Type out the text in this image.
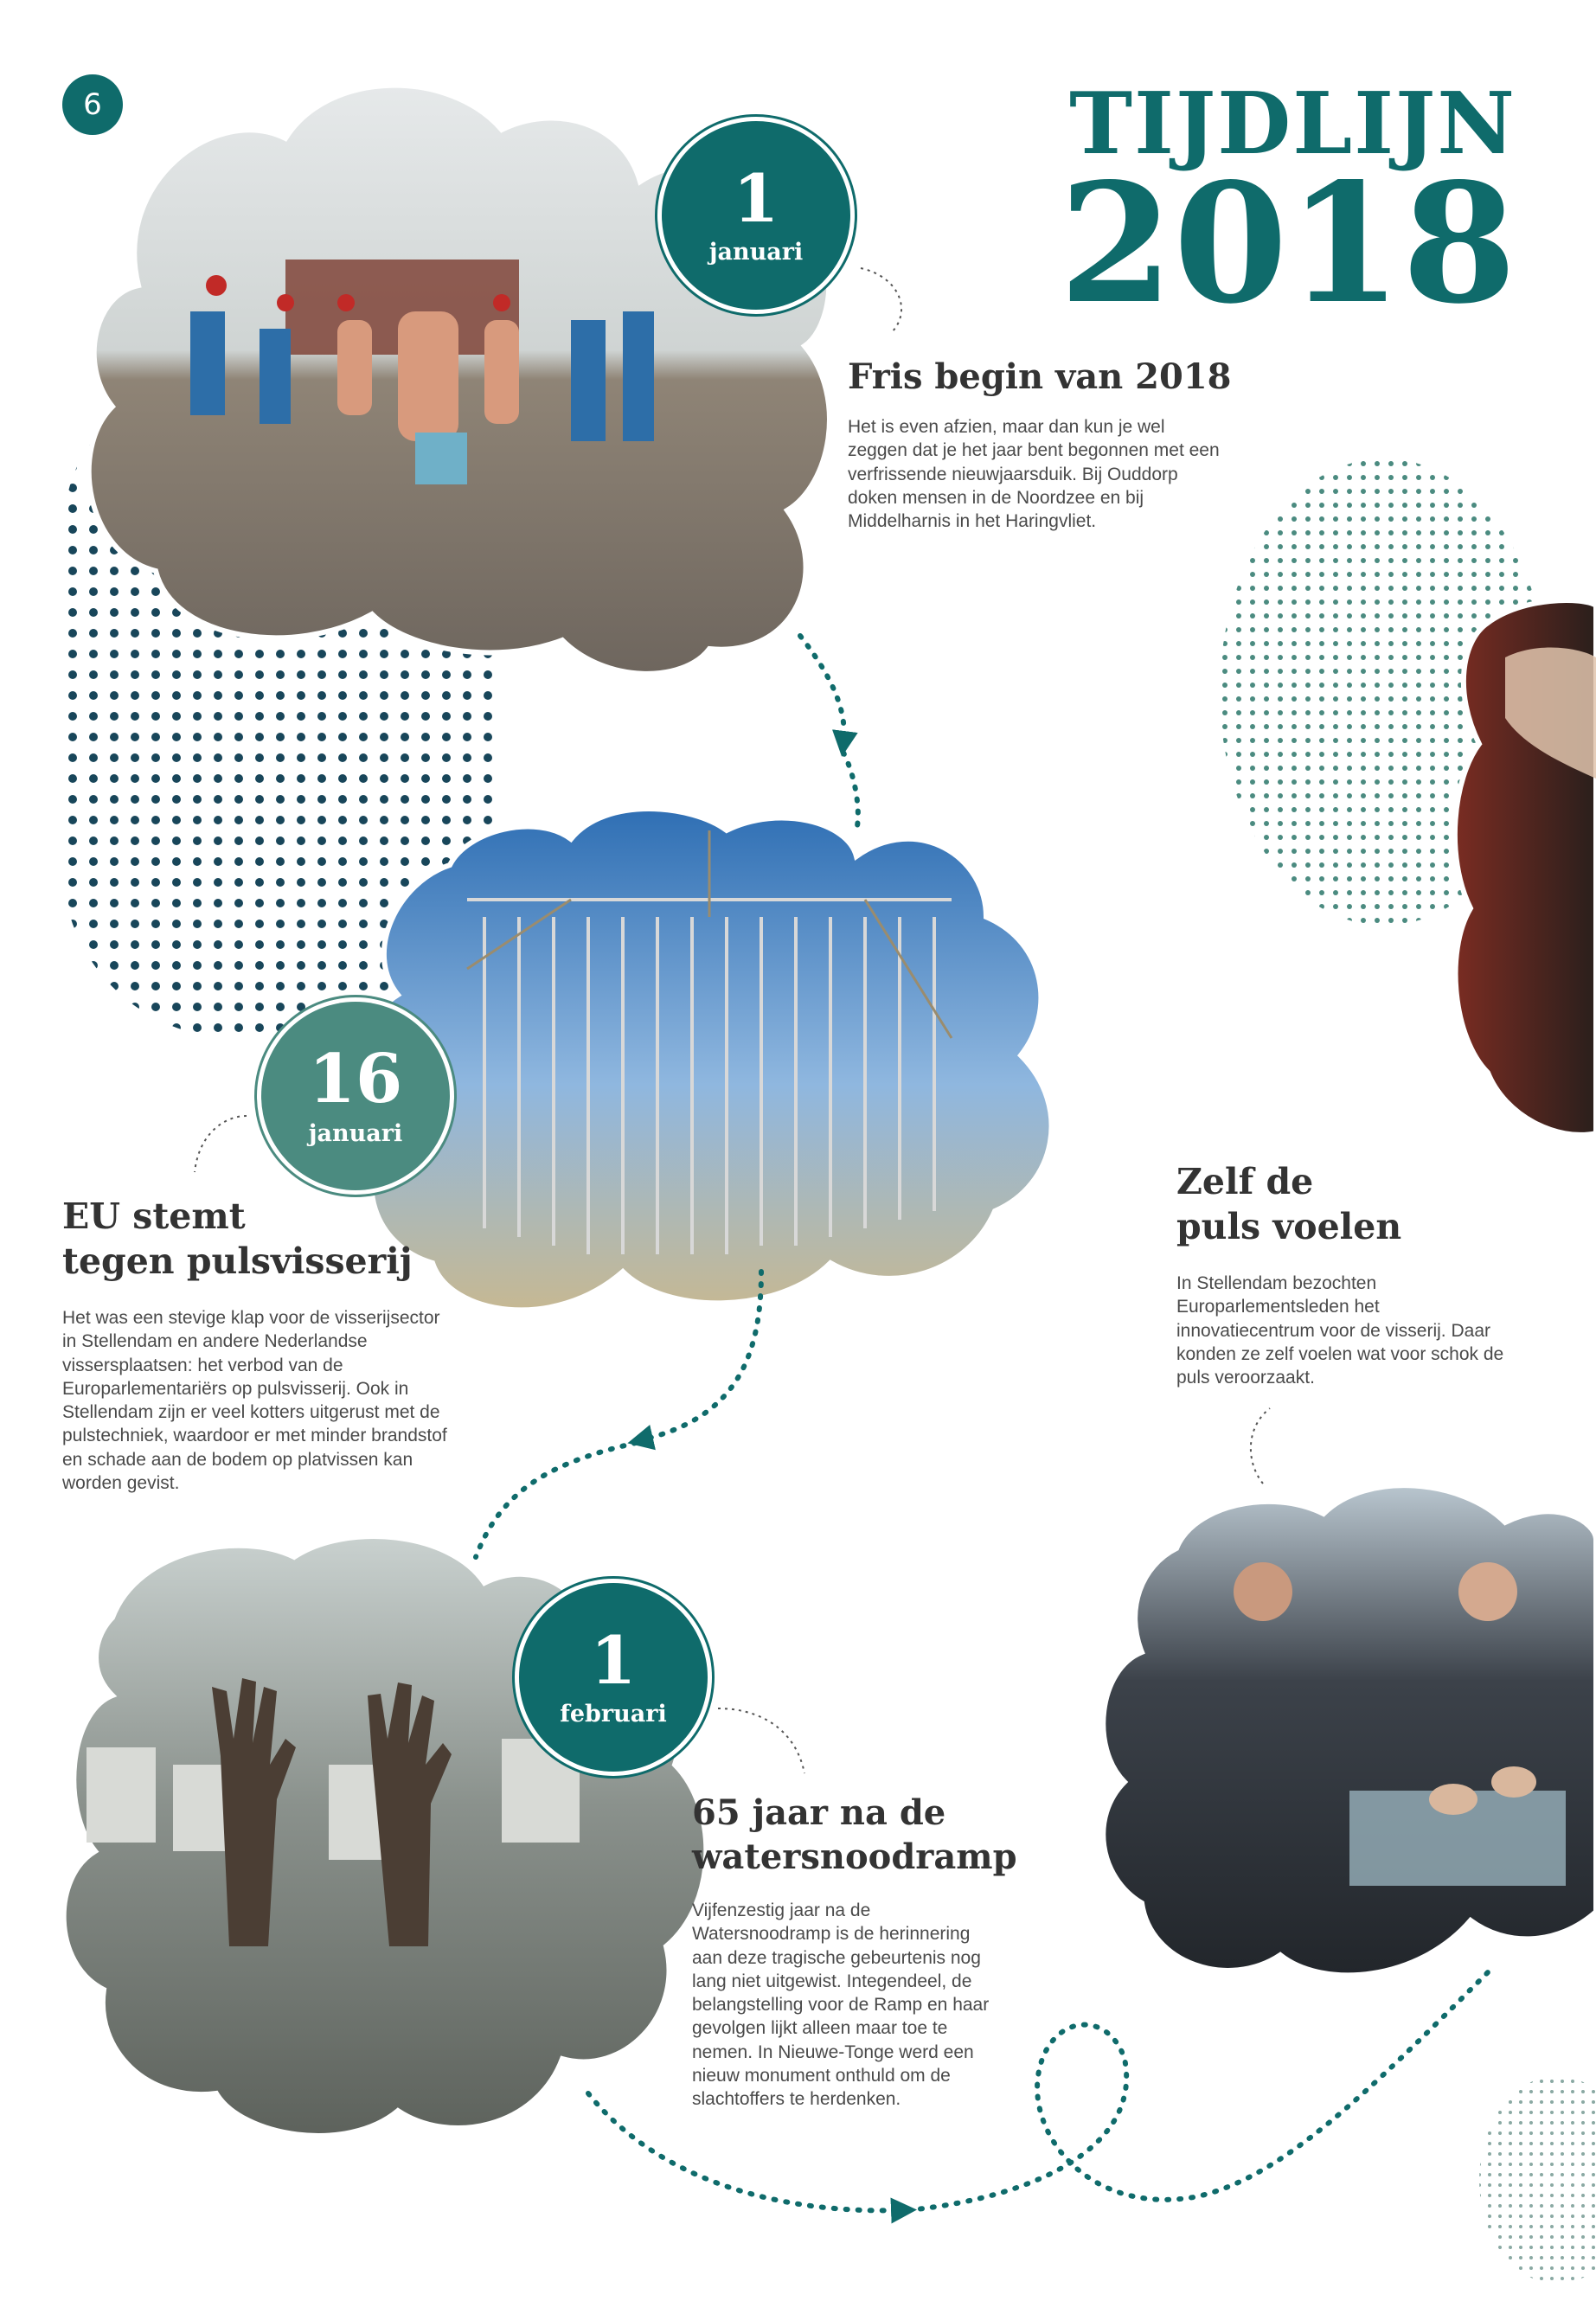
6	TIJDLIJN
2018
1
januari
Fris begin van 2018
Het is even afzien, maar dan kun je wel zeggen dat je het jaar bent begonnen met een verfrissende nieuwjaarsduik. Bij Ouddorp doken mensen in de Noordzee en bij Middelharnis in het Haringvliet.
16
januari
EU stemt
tegen pulsvisserij
Het was een stevige klap voor de visserijsector in Stellendam en andere Nederlandse vissersplaatsen: het verbod van de Europarlementariërs op pulsvisserij. Ook in Stellendam zijn er veel kotters uitgerust met de pulstechniek, waardoor er met minder brandstof en schade aan de bodem op platvissen kan worden gevist.
Zelf de
puls voelen
In Stellendam bezochten Europarlementsleden het innovatiecentrum voor de visserij. Daar konden ze zelf voelen wat voor schok de puls veroorzaakt.
1
februari
65 jaar na de
watersnoodramp
Vijfenzestig jaar na de Watersnoodramp is de herinnering aan deze tragische gebeurtenis nog lang niet uitgewist. Integendeel, de belangstelling voor de Ramp en haar gevolgen lijkt alleen maar toe te nemen. In Nieuwe-Tonge werd een nieuw monument onthuld om de slachtoffers te herdenken.
